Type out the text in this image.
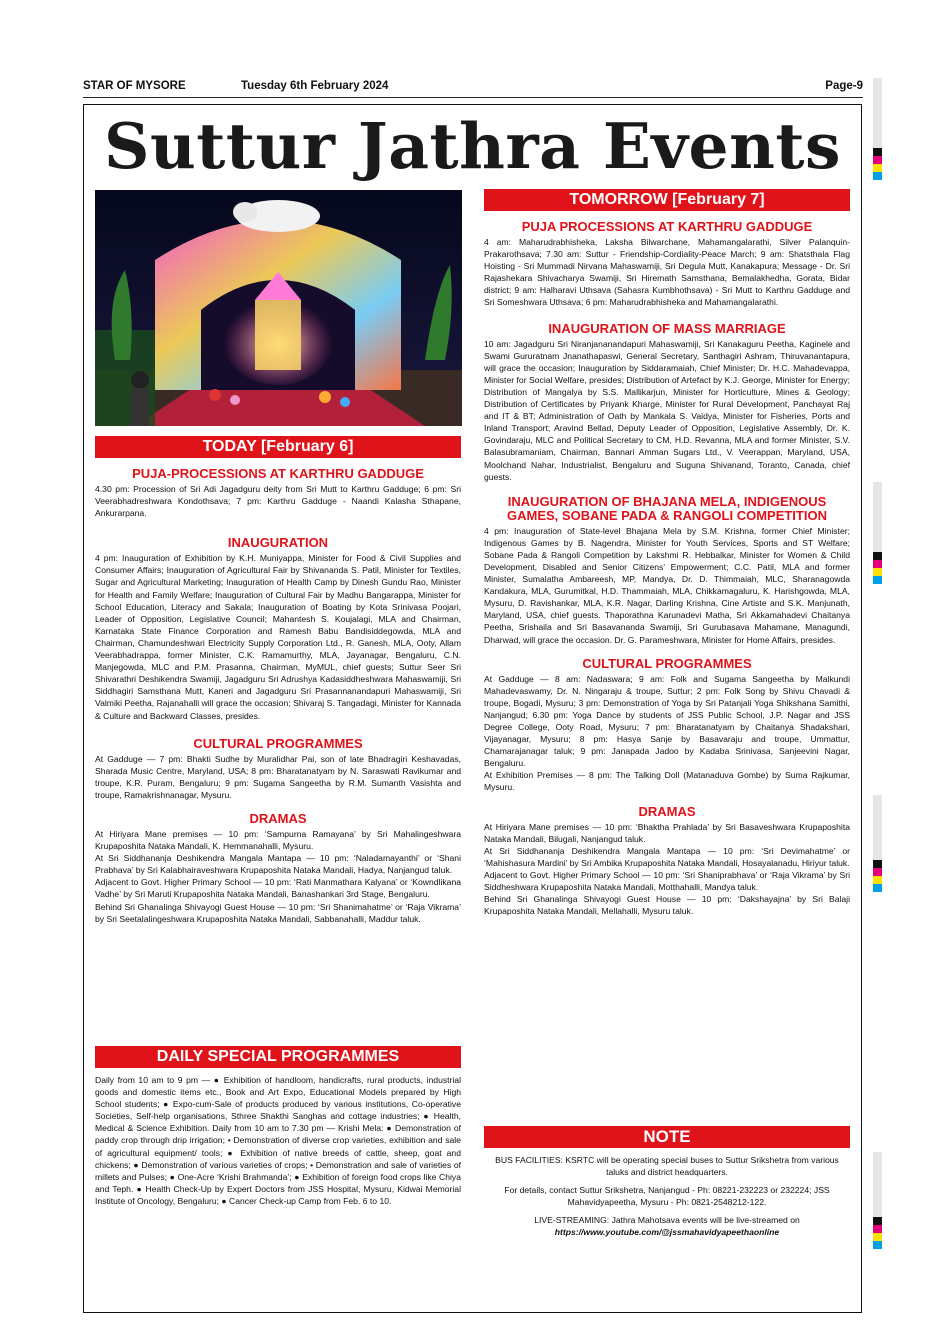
STAR OF MYSORE	Tuesday 6th February 2024	Page-9
Suttur Jathra Events
TODAY [February 6]
PUJA-PROCESSIONS AT KARTHRU GADDUGE
4.30 pm: Procession of Sri Adi Jagadguru deity from Sri Mutt to Karthru Gadduge; 6 pm: Sri Veerabhadreshwara Kondothsava; 7 pm: Karthru Gadduge - Naandi Kalasha Sthapane, Ankurarpana.
INAUGURATION
4 pm: Inauguration of Exhibition by K.H. Muniyappa, Minister for Food & Civil Supplies and Consumer Affairs; Inauguration of Agricultural Fair by Shivananda S. Patil, Minister for Textiles, Sugar and Agricultural Marketing; Inauguration of Health Camp by Dinesh Gundu Rao, Minister for Health and Family Welfare; Inauguration of Cultural Fair by Madhu Bangarappa, Minister for School Education, Literacy and Sakala; Inauguration of Boating by Kota Srinivasa Poojari, Leader of Opposition, Legislative Council; Mahantesh S. Koujalagi, MLA and Chairman, Karnataka State Finance Corporation and Ramesh Babu Bandisiddegowda, MLA and Chairman, Chamundeshwari Electricity Supply Corporation Ltd., R. Ganesh, MLA, Ooty, Allam Veerabhadrappa, former Minister, C.K. Ramamurthy, MLA, Jayanagar, Bengaluru, C.N. Manjegowda, MLC and P.M. Prasanna, Chairman, MyMUL, chief guests; Suttur Seer Sri Shivarathri Deshikendra Swamiji, Jagadguru Sri Adrushya Kadasiddheshwara Mahaswamiji, Sri Siddhagiri Samsthana Mutt, Kaneri and Jagadguru Sri Prasannanandapuri Mahaswamiji, Sri Valmiki Peetha, Rajanahalli will grace the occasion; Shivaraj S. Tangadagi, Minister for Kannada & Culture and Backward Classes, presides.
CULTURAL PROGRAMMES
At Gadduge — 7 pm: Bhakti Sudhe by Muralidhar Pai, son of late Bhadragiri Keshavadas, Sharada Music Centre, Maryland, USA; 8 pm: Bharatanatyam by N. Saraswati Ravikumar and troupe, K.R. Puram, Bengaluru; 9 pm: Sugama Sangeetha by R.M. Sumanth Vasishta and troupe, Ramakrishnanagar, Mysuru.
DRAMAS
At Hiriyara Mane premises — 10 pm: ‘Sampurna Ramayana’ by Sri Mahalingeshwara Krupaposhita Nataka Mandali, K. Hemmanahalli, Mysuru.
At Sri Siddhananja Deshikendra Mangala Mantapa — 10 pm: ‘Naladamayanthi’ or ‘Shani Prabhava’ by Sri Kalabhairaveshwara Krupaposhita Nataka Mandali, Hadya, Nanjangud taluk.
Adjacent to Govt. Higher Primary School — 10 pm: ‘Rati Manmathara Kalyana’ or ‘Kowndlikana Vadhe’ by Sri Maruti Krupaposhita Nataka Mandali, Banashankari 3rd Stage, Bengaluru.
Behind Sri Ghanalinga Shivayogi Guest House — 10 pm: ‘Sri Shanimahatme’ or ‘Raja Vikrama’ by Sri Seetalalingeshwara Krupaposhita Nataka Mandali, Sabbanahalli, Maddur taluk.
DAILY SPECIAL PROGRAMMES
Daily from 10 am to 9 pm — ● Exhibition of handloom, handicrafts, rural products, industrial goods and domestic items etc., Book and Art Expo, Educational Models prepared by High School students; ● Expo-cum-Sale of products produced by various institutions, Co-operative Societies, Self-help organisations, Sthree Shakthi Sanghas and cottage industries; ● Health, Medical & Science Exhibition. Daily from 10 am to 7.30 pm — Krishi Mela: ● Demonstration of paddy crop through drip irrigation; • Demonstration of diverse crop varieties, exhibition and sale of agricultural equipment/ tools; ● Exhibition of native breeds of cattle, sheep, goat and chickens; ● Demonstration of various varieties of crops; • Demonstration and sale of varieties of millets and Pulses; ● One-Acre ‘Krishi Brahmanda’; ● Exhibition of foreign food crops like Chiya and Teph. ● Health Check-Up by Expert Doctors from JSS Hospital, Mysuru, Kidwai Memorial Institute of Oncology, Bengaluru; ● Cancer Check-up Camp from Feb. 6 to 10.
TOMORROW [February 7]
PUJA PROCESSIONS AT KARTHRU GADDUGE
4 am: Maharudrabhisheka, Laksha Bilwarchane, Mahamangalarathi, Silver Palanquin-Prakarothsava; 7.30 am: Suttur - Friendship-Cordiality-Peace March; 9 am: Shatsthala Flag Hoisting - Sri Mummadi Nirvana Mahaswamiji, Sri Degula Mutt, Kanakapura; Message - Dr. Sri Rajashekara Shivacharya Swamiji, Sri Hiremath Samsthana, Bemalakhedha, Gorata, Bidar district; 9 am: Halharavi Uthsava (Sahasra Kumbhothsava) - Sri Mutt to Karthru Gadduge and Sri Someshwara Uthsava; 6 pm: Maharudrabhisheka and Mahamangalarathi.
INAUGURATION OF MASS MARRIAGE
10 am: Jagadguru Sri Niranjananandapuri Mahaswamiji, Sri Kanakaguru Peetha, Kaginele and Swami Gururatnam Jnanathapaswi, General Secretary, Santhagiri Ashram, Thiruvanantapura, will grace the occasion; Inauguration by Siddaramaiah, Chief Minister; Dr. H.C. Mahadevappa, Minister for Social Welfare, presides; Distribution of Artefact by K.J. George, Minister for Energy; Distribution of Mangalya by S.S. Mallikarjun, Minister for Horticulture, Mines & Geology; Distribution of Certificates by Priyank Kharge, Minister for Rural Development, Panchayat Raj and IT & BT; Administration of Oath by Mankala S. Vaidya, Minister for Fisheries, Ports and Inland Transport; Aravind Bellad, Deputy Leader of Opposition, Legislative Assembly, Dr. K. Govindaraju, MLC and Political Secretary to CM, H.D. Revanna, MLA and former Minister, S.V. Balasubramaniam, Chairman, Bannari Amman Sugars Ltd., V. Veerappan, Maryland, USA, Moolchand Nahar, Industrialist, Bengaluru and Suguna Shivanand, Toranto, Canada, chief guests.
INAUGURATION OF BHAJANA MELA, INDIGENOUS GAMES, SOBANE PADA & RANGOLI COMPETITION
4 pm: Inauguration of State-level Bhajana Mela by S.M. Krishna, former Chief Minister; Indigenous Games by B. Nagendra, Minister for Youth Services, Sports and ST Welfare; Sobane Pada & Rangoli Competition by Lakshmi R. Hebbalkar, Minister for Women & Child Development, Disabled and Senior Citizens’ Empowerment; C.C. Patil, MLA and former Minister, Sumalatha Ambareesh, MP, Mandya, Dr. D. Thimmaiah, MLC, Sharanagowda Kandakura, MLA, Gurumitkal, H.D. Thammaiah, MLA, Chikkamagaluru, K. Harishgowda, MLA, Mysuru, D. Ravishankar, MLA, K.R. Nagar, Darling Krishna, Cine Artiste and S.K. Manjunath, Maryland, USA, chief guests. Thaporathna Karunadevi Matha, Sri Akkamahadevi Chaitanya Peetha, Srishaila and Sri Basavananda Swamiji, Sri Gurubasava Mahamane, Managundi, Dharwad, will grace the occasion. Dr. G. Parameshwara, Minister for Home Affairs, presides.
CULTURAL PROGRAMMES
At Gadduge — 8 am: Nadaswara; 9 am: Folk and Sugama Sangeetha by Malkundi Mahadevaswamy, Dr. N. Ningaraju & troupe, Suttur; 2 pm: Folk Song by Shivu Chavadi & troupe, Bogadi, Mysuru; 3 pm: Demonstration of Yoga by Sri Patanjali Yoga Shikshana Samithi, Nanjangud; 6.30 pm: Yoga Dance by students of JSS Public School, J.P. Nagar and JSS Degree College, Ooty Road, Mysuru; 7 pm: Bharatanatyam by Chaitanya Shadakshari, Vijayanagar, Mysuru; 8 pm: Hasya Sanje by Basavaraju and troupe, Ummattur, Chamarajanagar taluk; 9 pm: Janapada Jadoo by Kadaba Srinivasa, Sanjeevini Nagar, Bengaluru.
At Exhibition Premises — 8 pm: The Talking Doll (Matanaduva Gombe) by Suma Rajkumar, Mysuru.
DRAMAS
At Hiriyara Mane premises — 10 pm: ‘Bhaktha Prahlada’ by Sri Basaveshwara Krupaposhita Nataka Mandali, Bilugali, Nanjangud taluk.
At Sri Siddhananja Deshikendra Mangala Mantapa — 10 pm: ‘Sri Devimahatme’ or ‘Mahishasura Mardini’ by Sri Ambika Krupaposhita Nataka Mandali, Hosayalanadu, Hiriyur taluk.
Adjacent to Govt. Higher Primary School — 10 pm: ‘Sri Shaniprabhava’ or ‘Raja Vikrama’ by Sri Siddheshwara Krupaposhita Nataka Mandali, Motthahalli, Mandya taluk.
Behind Sri Ghanalinga Shivayogi Guest House — 10 pm: ‘Dakshayajna’ by Sri Balaji Krupaposhita Nataka Mandali, Mellahalli, Mysuru taluk.
NOTE
BUS FACILITIES: KSRTC will be operating special buses to Suttur Srikshetra from various taluks and district headquarters.
For details, contact Suttur Srikshetra, Nanjangud - Ph: 08221-232223 or 232224; JSS Mahavidyapeetha, Mysuru - Ph: 0821-2548212-122.
LIVE-STREAMING: Jathra Mahotsava events will be live-streamed on
https://www.youtube.com/@jssmahavidyapeethaonline
